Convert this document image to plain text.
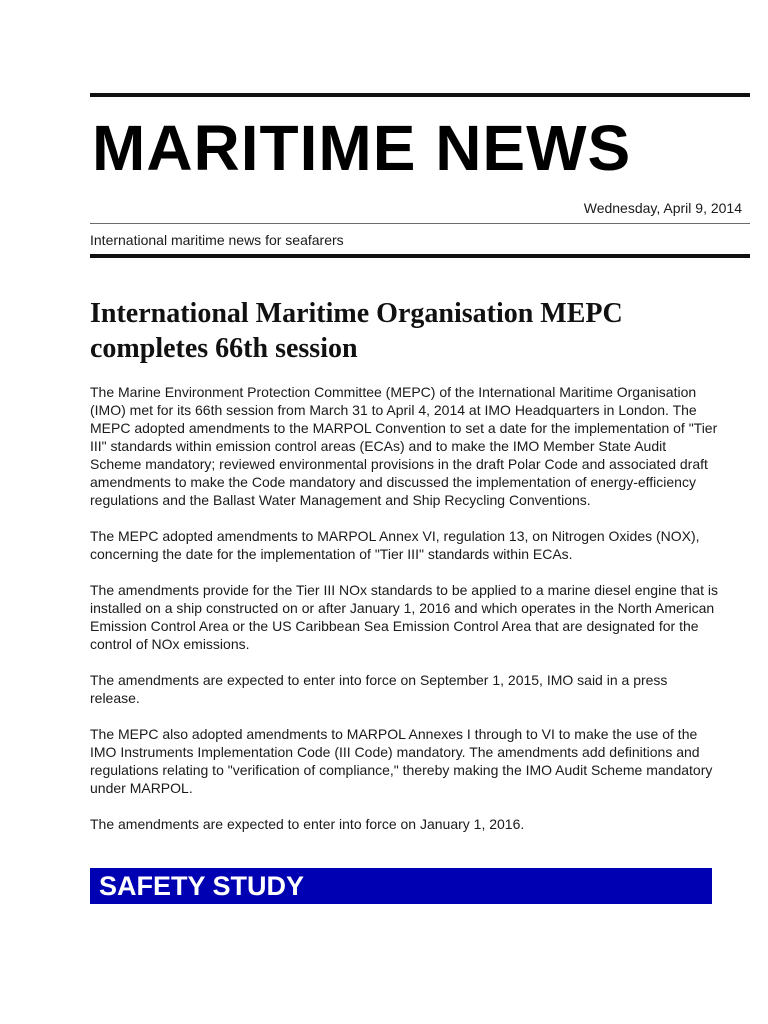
MARITIME NEWS
Wednesday, April 9, 2014
International maritime news for seafarers
International Maritime Organisation MEPC completes 66th session

The Marine Environment Protection Committee (MEPC) of the International Maritime Organisation (IMO) met for its 66th session from March 31 to April 4, 2014 at IMO Headquarters in London. The MEPC adopted amendments to the MARPOL Convention to set a date for the implementation of "Tier III" standards within emission control areas (ECAs) and to make the IMO Member State Audit Scheme mandatory; reviewed environmental provisions in the draft Polar Code and associated draft amendments to make the Code mandatory and discussed the implementation of energy-efficiency regulations and the Ballast Water Management and Ship Recycling Conventions.

The MEPC adopted amendments to MARPOL Annex VI, regulation 13, on Nitrogen Oxides (NOX), concerning the date for the implementation of "Tier III" standards within ECAs.

The amendments provide for the Tier III NOx standards to be applied to a marine diesel engine that is installed on a ship constructed on or after January 1, 2016 and which operates in the North American Emission Control Area or the US Caribbean Sea Emission Control Area that are designated for the control of NOx emissions.

The amendments are expected to enter into force on September 1, 2015, IMO said in a press release.

The MEPC also adopted amendments to MARPOL Annexes I through to VI to make the use of the IMO Instruments Implementation Code (III Code) mandatory. The amendments add definitions and regulations relating to "verification of compliance," thereby making the IMO Audit Scheme mandatory under MARPOL.

The amendments are expected to enter into force on January 1, 2016.

SAFETY STUDY
